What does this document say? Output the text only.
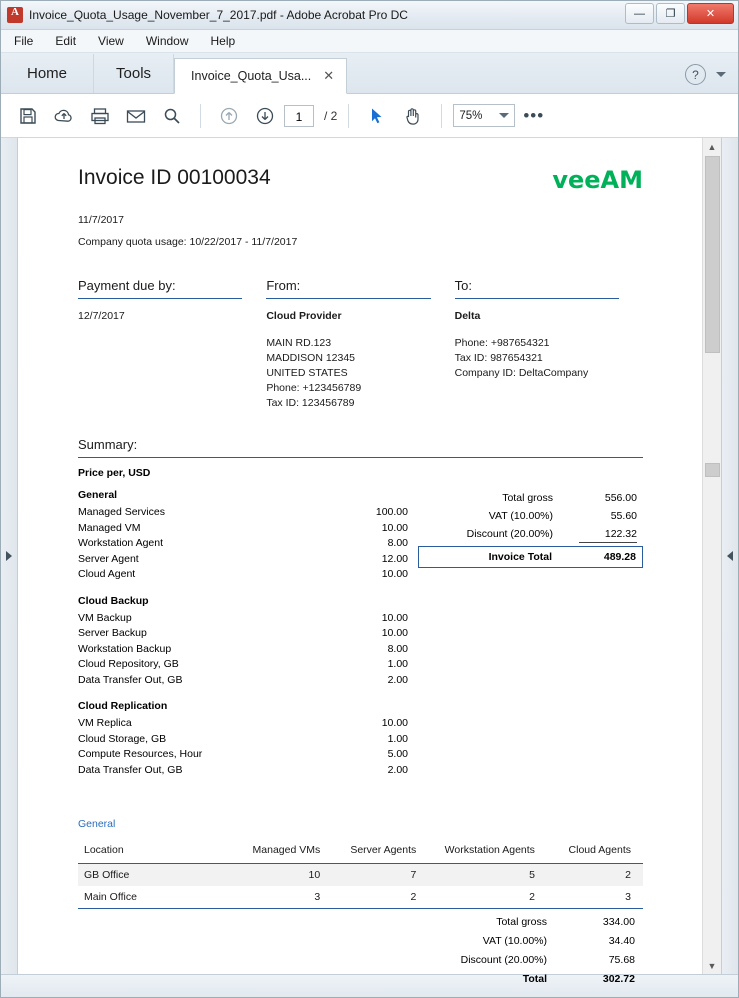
A
Invoice_Quota_Usage_November_7_2017.pdf - Adobe Acrobat Pro DC	—	❐	✕
File Edit View Window Help
Home	Tools	Invoice_Quota_Usa... ✕	?
1	/ 2	75%	•••
Invoice ID 00100034	veeAM
11/7/2017
Company quota usage: 10/22/2017 - 11/7/2017
Payment due by:
12/7/2017
From:
Cloud Provider
MAIN RD.123
MADDISON 12345
UNITED STATES
Phone: +123456789
Tax ID: 123456789
To:
Delta
Phone: +987654321
Tax ID: 987654321
Company ID: DeltaCompany
Summary:
Price per, USD
General
Managed Services	100.00
Managed VM	10.00
Workstation Agent	8.00
Server Agent	12.00
Cloud Agent	10.00
Cloud Backup
VM Backup	10.00
Server Backup	10.00
Workstation Backup	8.00
Cloud Repository, GB	1.00
Data Transfer Out, GB	2.00
Cloud Replication
VM Replica	10.00
Cloud Storage, GB	1.00
Compute Resources, Hour	5.00
Data Transfer Out, GB	2.00
Total gross	556.00
VAT (10.00%)	55.60
Discount (20.00%)	122.32
Invoice Total	489.28
General
Location	Managed VMs	Server Agents	Workstation Agents	Cloud Agents
GB Office	10	7	5	2
Main Office	3	2	2	3
Total gross	334.00
VAT (10.00%)	34.40
Discount (20.00%)	75.68
Total	302.72
▲
▼
